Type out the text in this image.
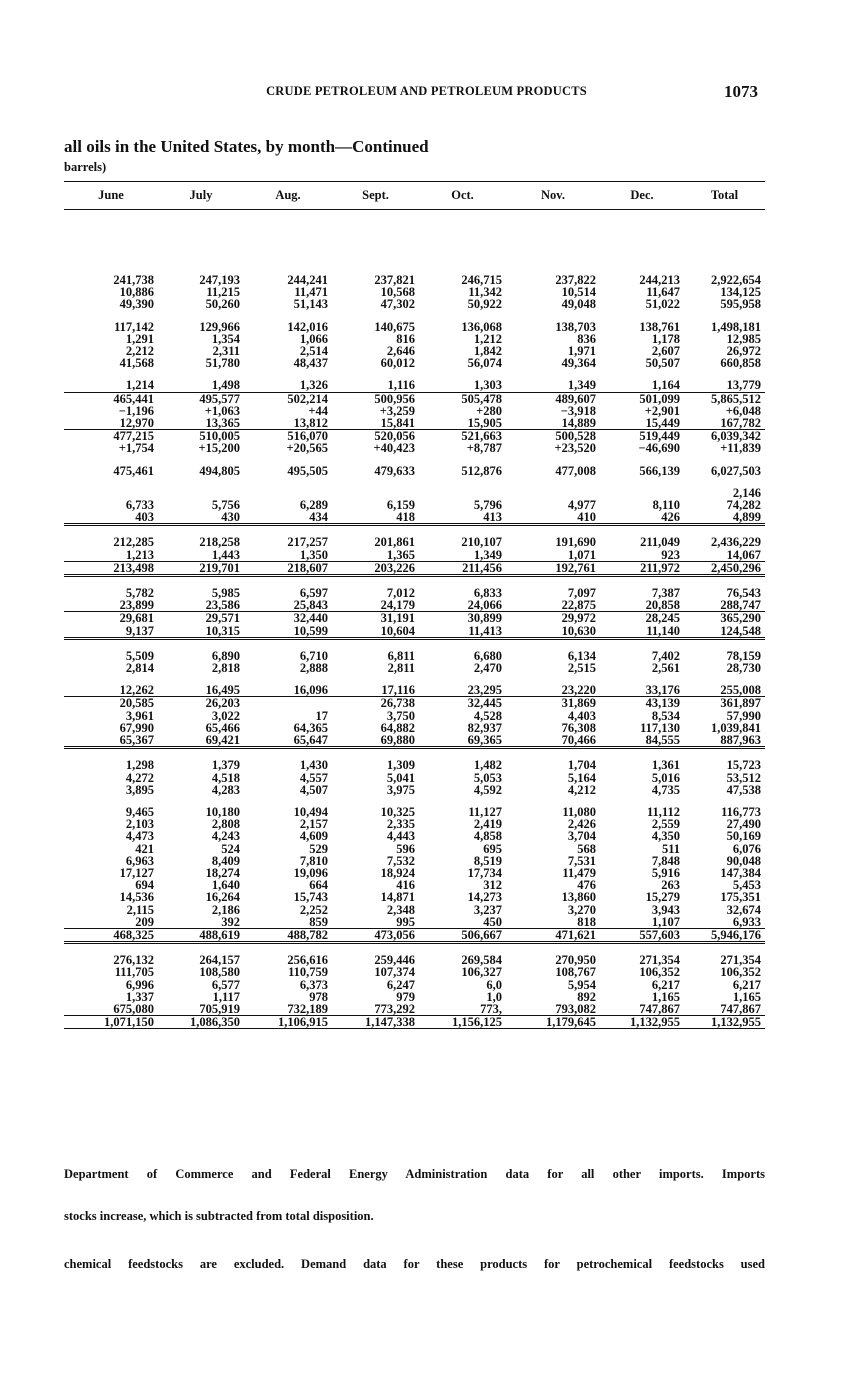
CRUDE PETROLEUM AND PETROLEUM PRODUCTS	1073
all oils in the United States, by month—Continued
barrels)
June	July	Aug.	Sept.	Oct.	Nov.	Dec.	Total

241,738	247,193	244,241	237,821	246,715	237,822	244,213	2,922,654
10,886	11,215	11,471	10,568	11,342	10,514	11,647	134,125
49,390	50,260	51,143	47,302	50,922	49,048	51,022	595,958

117,142	129,966	142,016	140,675	136,068	138,703	138,761	1,498,181
1,291	1,354	1,066	816	1,212	836	1,178	12,985
2,212	2,311	2,514	2,646	1,842	1,971	2,607	26,972
41,568	51,780	48,437	60,012	56,074	49,364	50,507	660,858

1,214	1,498	1,326	1,116	1,303	1,349	1,164	13,779
465,441	495,577	502,214	500,956	505,478	489,607	501,099	5,865,512
−1,196	+1,063	+44	+3,259	+280	−3,918	+2,901	+6,048
12,970	13,365	13,812	15,841	15,905	14,889	15,449	167,782
477,215	510,005	516,070	520,056	521,663	500,528	519,449	6,039,342
+1,754	+15,200	+20,565	+40,423	+8,787	+23,520	−46,690	+11,839

475,461	494,805	495,505	479,633	512,876	477,008	566,139	6,027,503

							2,146
6,733	5,756	6,289	6,159	5,796	4,977	8,110	74,282
403	430	434	418	413	410	426	4,899

212,285	218,258	217,257	201,861	210,107	191,690	211,049	2,436,229
1,213	1,443	1,350	1,365	1,349	1,071	923	14,067
213,498	219,701	218,607	203,226	211,456	192,761	211,972	2,450,296

5,782	5,985	6,597	7,012	6,833	7,097	7,387	76,543
23,899	23,586	25,843	24,179	24,066	22,875	20,858	288,747
29,681	29,571	32,440	31,191	30,899	29,972	28,245	365,290
9,137	10,315	10,599	10,604	11,413	10,630	11,140	124,548

5,509	6,890	6,710	6,811	6,680	6,134	7,402	78,159
2,814	2,818	2,888	2,811	2,470	2,515	2,561	28,730

12,262	16,495	16,096	17,116	23,295	23,220	33,176	255,008
20,585	26,203		26,738	32,445	31,869	43,139	361,897
3,961	3,022	17	3,750	4,528	4,403	8,534	57,990
67,990	65,466	64,365	64,882	82,937	76,308	117,130	1,039,841
65,367	69,421	65,647	69,880	69,365	70,466	84,555	887,963

1,298	1,379	1,430	1,309	1,482	1,704	1,361	15,723
4,272	4,518	4,557	5,041	5,053	5,164	5,016	53,512
3,895	4,283	4,507	3,975	4,592	4,212	4,735	47,538

9,465	10,180	10,494	10,325	11,127	11,080	11,112	116,773
2,103	2,808	2,157	2,335	2,419	2,426	2,559	27,490
4,473	4,243	4,609	4,443	4,858	3,704	4,350	50,169
421	524	529	596	695	568	511	6,076
6,963	8,409	7,810	7,532	8,519	7,531	7,848	90,048
17,127	18,274	19,096	18,924	17,734	11,479	5,916	147,384
694	1,640	664	416	312	476	263	5,453
14,536	16,264	15,743	14,871	14,273	13,860	15,279	175,351
2,115	2,186	2,252	2,348	3,237	3,270	3,943	32,674
209	392	859	995	450	818	1,107	6,933
468,325	488,619	488,782	473,056	506,667	471,621	557,603	5,946,176

276,132	264,157	256,616	259,446	269,584	270,950	271,354	271,354
111,705	108,580	110,759	107,374	106,327	108,767	106,352	106,352
6,996	6,577	6,373	6,247	6,0	5,954	6,217	6,217
1,337	1,117	978	979	1,0	892	1,165	1,165
675,080	705,919	732,189	773,292	773,	793,082	747,867	747,867
1,071,150	1,086,350	1,106,915	1,147,338	1,156,125	1,179,645	1,132,955	1,132,955
Department of Commerce and Federal Energy Administration data for all other imports. Imports
stocks increase, which is subtracted from total disposition.
chemical feedstocks are excluded. Demand data for these products for petrochemical feedstocks used
